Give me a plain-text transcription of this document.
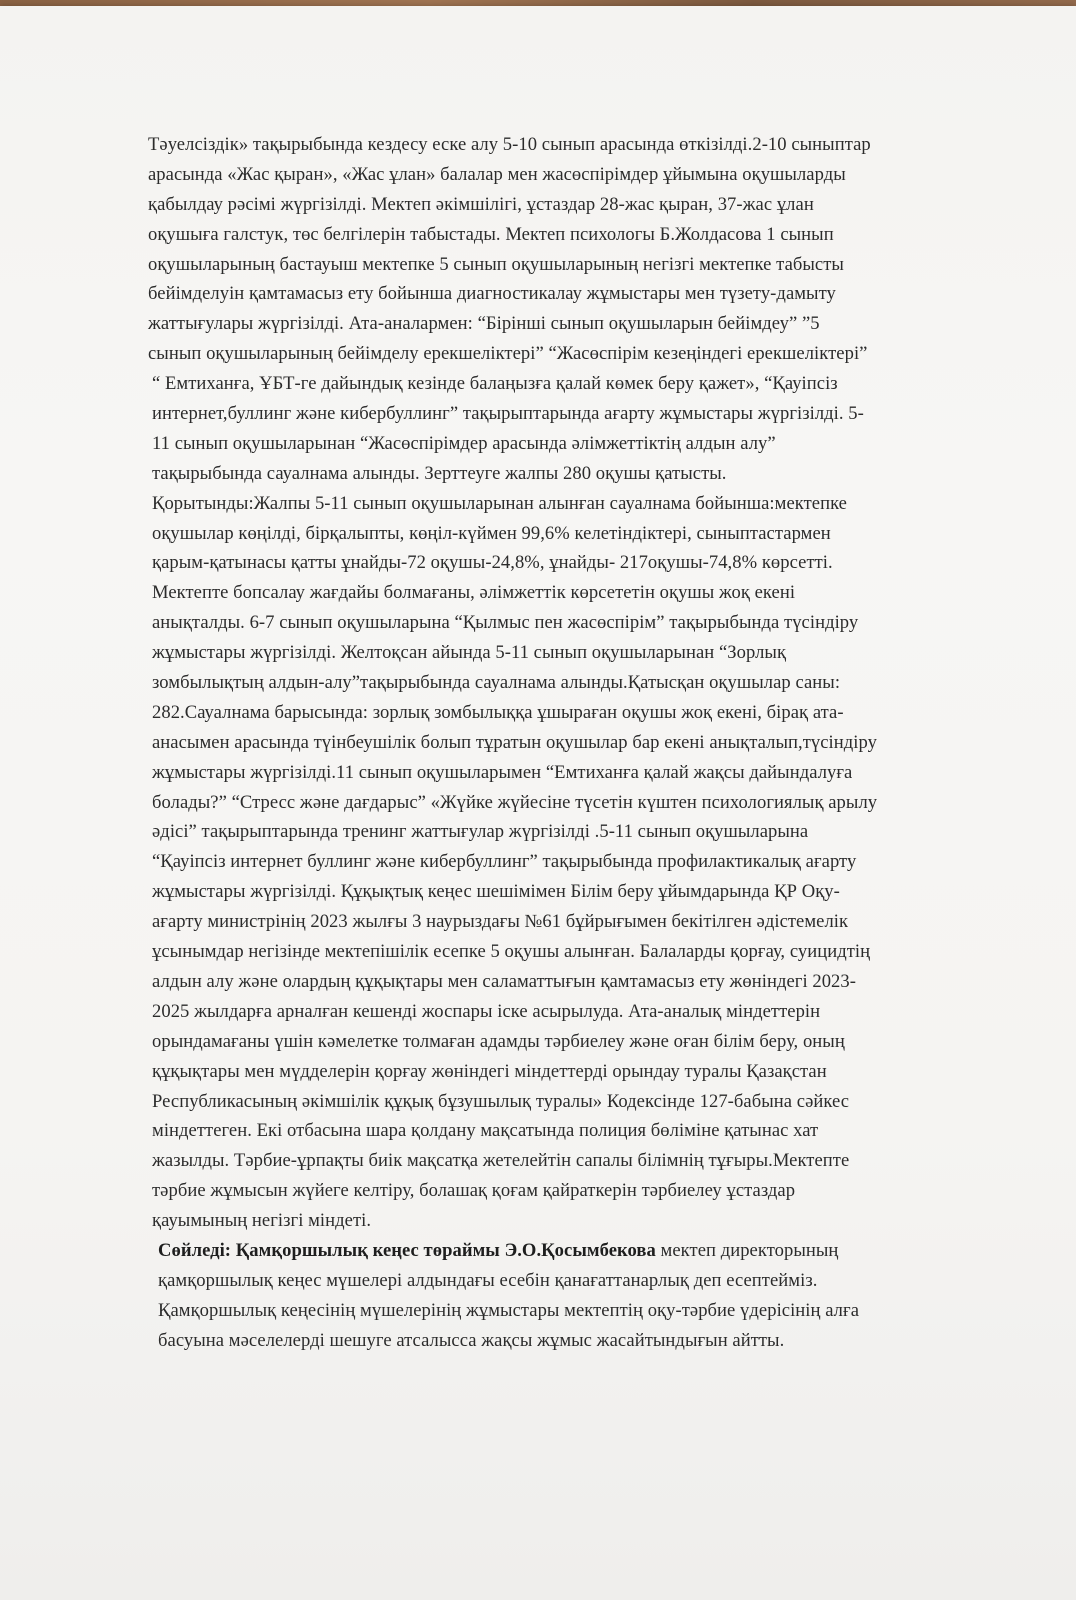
Тәуелсіздік» тақырыбында кездесу еске алу 5-10 сынып арасында өткізілді.2-10 сыныптар
арасында «Жас қыран», «Жас ұлан» балалар мен жасөспірімдер ұйымына оқушыларды
қабылдау рәсімі жүргізілді. Мектеп әкімшілігі, ұстаздар 28-жас қыран, 37-жас ұлан
оқушыға галстук, төс белгілерін табыстады. Мектеп психологы Б.Жолдасова 1 сынып
оқушыларының бастауыш мектепке 5 сынып оқушыларының негізгі мектепке табысты
бейімделуін қамтамасыз ету бойынша диагностикалау жұмыстары мен түзету-дамыту
жаттығулары жүргізілді. Ата-аналармен: “Бірінші сынып оқушыларын бейімдеу” ”5
сынып оқушыларының бейімделу ерекшеліктері” “Жасөспірім кезеңіндегі ерекшеліктері”
“ Емтиханға, ҰБТ-ге дайындық кезінде балаңызға қалай көмек беру қажет», “Қауіпсіз
интернет,буллинг және кибербуллинг” тақырыптарында ағарту жұмыстары жүргізілді. 5-
11 сынып оқушыларынан “Жасөспірімдер арасында әлімжеттіктің алдын алу”
тақырыбында сауалнама алынды. Зерттеуге жалпы 280 оқушы қатысты.
Қорытынды:Жалпы 5-11 сынып оқушыларынан алынған сауалнама бойынша:мектепке
оқушылар көңілді, бірқалыпты, көңіл-күймен 99,6% келетіндіктері, сыныптастармен
қарым-қатынасы қатты ұнайды-72 оқушы-24,8%, ұнайды- 217оқушы-74,8% көрсетті.
Мектепте бопсалау жағдайы болмағаны, әлімжеттік көрсететін оқушы жоқ екені
анықталды. 6-7 сынып оқушыларына “Қылмыс пен жасөспірім” тақырыбында түсіндіру
жұмыстары жүргізілді. Желтоқсан айында 5-11 сынып оқушыларынан “Зорлық
зомбылықтың алдын-алу”тақырыбында сауалнама алынды.Қатысқан оқушылар саны:
282.Сауалнама барысында: зорлық зомбылыққа ұшыраған оқушы жоқ екені, бірақ ата-
анасымен арасында түінбеушілік болып тұратын оқушылар бар екені анықталып,түсіндіру
жұмыстары жүргізілді.11 сынып оқушыларымен “Емтиханға қалай жақсы дайындалуға
болады?” “Стресс және дағдарыс” «Жүйке жүйесіне түсетін күштен психологиялық арылу
әдісі” тақырыптарында тренинг жаттығулар жүргізілді .5-11 сынып оқушыларына
“Қауіпсіз интернет буллинг және кибербуллинг” тақырыбында профилактикалық ағарту
жұмыстары жүргізілді. Құқықтық кеңес шешімімен Білім беру ұйымдарында ҚР Оқу-
ағарту министрінің 2023 жылғы 3 наурыздағы №61 бұйрығымен бекітілген әдістемелік
ұсынымдар негізінде мектепішілік есепке 5 оқушы алынған. Балаларды қорғау, суицидтің
алдын алу және олардың құқықтары мен саламаттығын қамтамасыз ету жөніндегі 2023-
2025 жылдарға арналған кешенді жоспары іске асырылуда. Ата-аналық міндеттерін
орындамағаны үшін кәмелетке толмаған адамды тәрбиелеу және оған білім беру, оның
құқықтары мен мүдделерін қорғау жөніндегі міндеттерді орындау туралы Қазақстан
Республикасының әкімшілік құқық бұзушылық туралы» Кодексінде 127-бабына сәйкес
міндеттеген. Екі отбасына шара қолдану мақсатында полиция бөліміне қатынас хат
жазылды. Тәрбие-ұрпақты биік мақсатқа жетелейтін сапалы білімнің тұғыры.Мектепте
тәрбие жұмысын жүйеге келтіру, болашақ қоғам қайраткерін тәрбиелеу ұстаздар
қауымының негізгі міндеті.
Сөйледі: Қамқоршылық кеңес төраймы Э.О.Қосымбекова мектеп директорының
қамқоршылық кеңес мүшелері алдындағы есебін қанағаттанарлық деп есептейміз.
Қамқоршылық кеңесінің мүшелерінің жұмыстары мектептің оқу-тәрбие үдерісінің алға
басуына мәселелерді шешуге атсалысса жақсы жұмыс жасайтындығын айтты.
